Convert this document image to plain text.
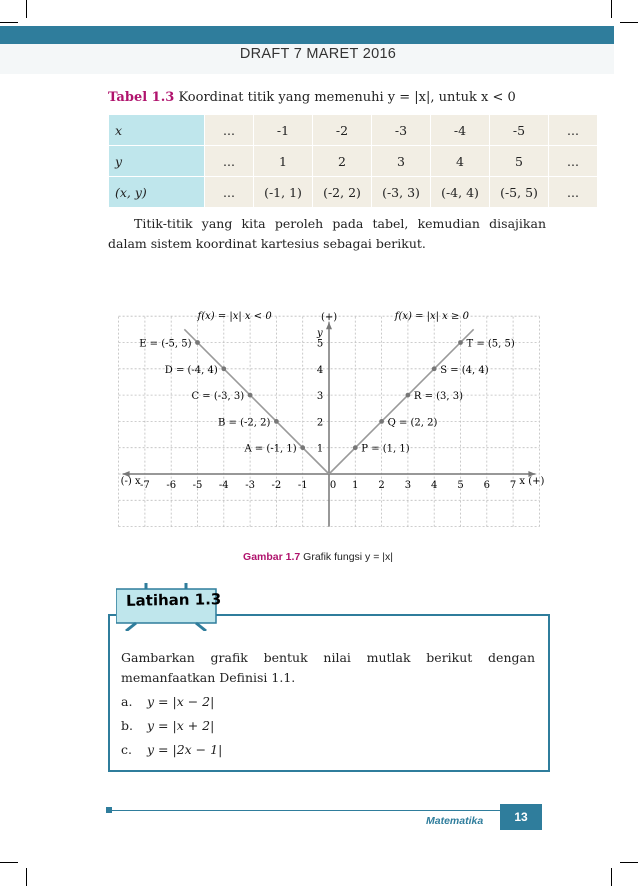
DRAFT 7 MARET 2016
Tabel 1.3 Koordinat titik yang memenuhi y = |x|, untuk x < 0
x	...	-1	-2	-3	-4	-5	...
y	...	1	2	3	4	5	...
(x, y)	...	(-1, 1)	(-2, 2)	(-3, 3)	(-4, 4)	(-5, 5)	...
Titik-titik yang kita peroleh pada tabel, kemudian disajikan dalam sistem koordinat kartesius sebagai berikut.
(-) x	x (+)
(+)
y
-7 -6 -5 -4 -3 -2 -1 0 1 2 3 4 5 6 7
1
2
3
4
5
f(x) = |x| x < 0	f(x) = |x| x ≥ 0
E = (-5, 5)
D = (-4, 4)
C = (-3, 3)
B = (-2, 2)
A = (-1, 1)	P = (1, 1)
Q = (2, 2)
R = (3, 3)
S = (4, 4)
T = (5, 5)
Gambar 1.7 Grafik fungsi y = |x|
Latihan 1.3
Gambarkan grafik bentuk nilai mutlak berikut dengan memanfaatkan Definisi 1.1.
a. y = |x − 2|
b. y = |x + 2|
c. y = |2x − 1|
Matematika	13
